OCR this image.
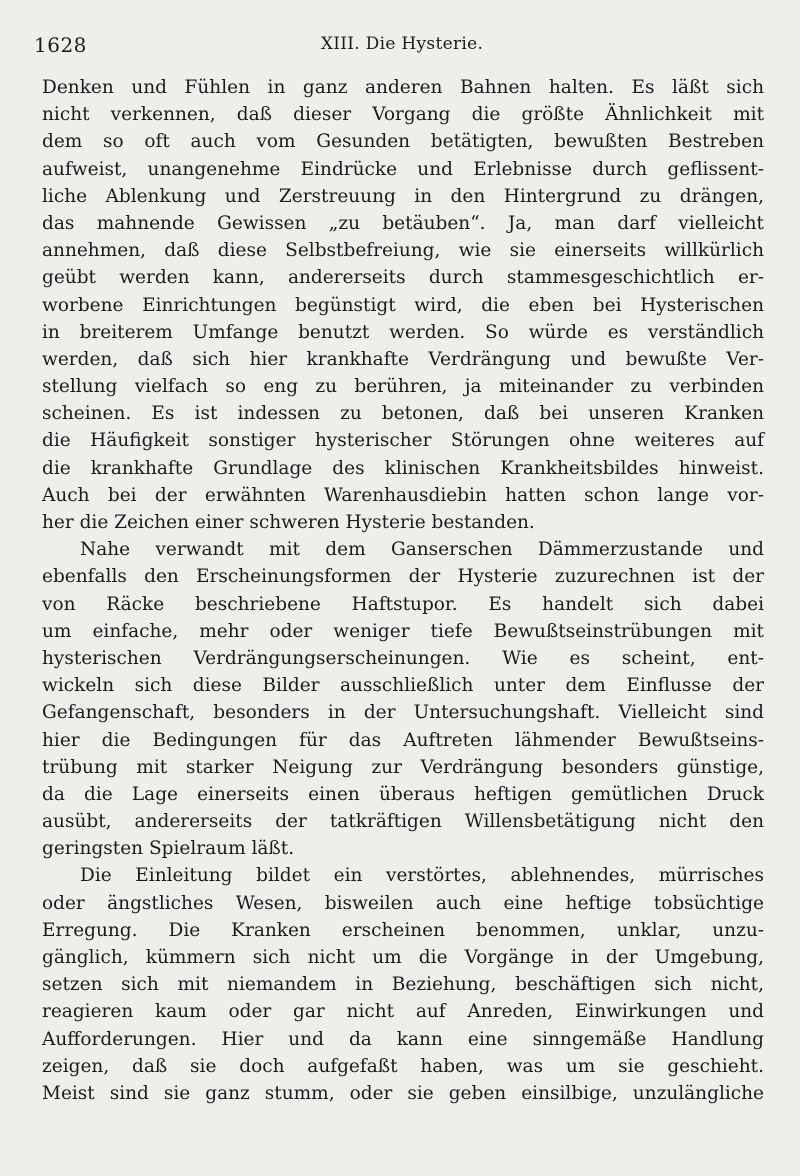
1628	XIII. Die Hysterie.
Denken und Fühlen in ganz anderen Bahnen halten. Es läßt sich
nicht verkennen, daß dieser Vorgang die größte Ähnlichkeit mit
dem so oft auch vom Gesunden betätigten, bewußten Bestreben
aufweist, unangenehme Eindrücke und Erlebnisse durch geflissent-
liche Ablenkung und Zerstreuung in den Hintergrund zu drängen,
das mahnende Gewissen „zu betäuben“. Ja, man darf vielleicht
annehmen, daß diese Selbstbefreiung, wie sie einerseits willkürlich
geübt werden kann, andererseits durch stammesgeschichtlich er-
worbene Einrichtungen begünstigt wird, die eben bei Hysterischen
in breiterem Umfange benutzt werden. So würde es verständlich
werden, daß sich hier krankhafte Verdrängung und bewußte Ver-
stellung vielfach so eng zu berühren, ja miteinander zu verbinden
scheinen. Es ist indessen zu betonen, daß bei unseren Kranken
die Häufigkeit sonstiger hysterischer Störungen ohne weiteres auf
die krankhafte Grundlage des klinischen Krankheitsbildes hinweist.
Auch bei der erwähnten Warenhausdiebin hatten schon lange vor-
her die Zeichen einer schweren Hysterie bestanden.
Nahe verwandt mit dem Ganserschen Dämmerzustande und
ebenfalls den Erscheinungsformen der Hysterie zuzurechnen ist der
von Räcke beschriebene Haftstupor. Es handelt sich dabei
um einfache, mehr oder weniger tiefe Bewußtseinstrübungen mit
hysterischen Verdrängungserscheinungen. Wie es scheint, ent-
wickeln sich diese Bilder ausschließlich unter dem Einflusse der
Gefangenschaft, besonders in der Untersuchungshaft. Vielleicht sind
hier die Bedingungen für das Auftreten lähmender Bewußtseins-
trübung mit starker Neigung zur Verdrängung besonders günstige,
da die Lage einerseits einen überaus heftigen gemütlichen Druck
ausübt, andererseits der tatkräftigen Willensbetätigung nicht den
geringsten Spielraum läßt.
Die Einleitung bildet ein verstörtes, ablehnendes, mürrisches
oder ängstliches Wesen, bisweilen auch eine heftige tobsüchtige
Erregung. Die Kranken erscheinen benommen, unklar, unzu-
gänglich, kümmern sich nicht um die Vorgänge in der Umgebung,
setzen sich mit niemandem in Beziehung, beschäftigen sich nicht,
reagieren kaum oder gar nicht auf Anreden, Einwirkungen und
Aufforderungen. Hier und da kann eine sinngemäße Handlung
zeigen, daß sie doch aufgefaßt haben, was um sie geschieht.
Meist sind sie ganz stumm, oder sie geben einsilbige, unzulängliche
